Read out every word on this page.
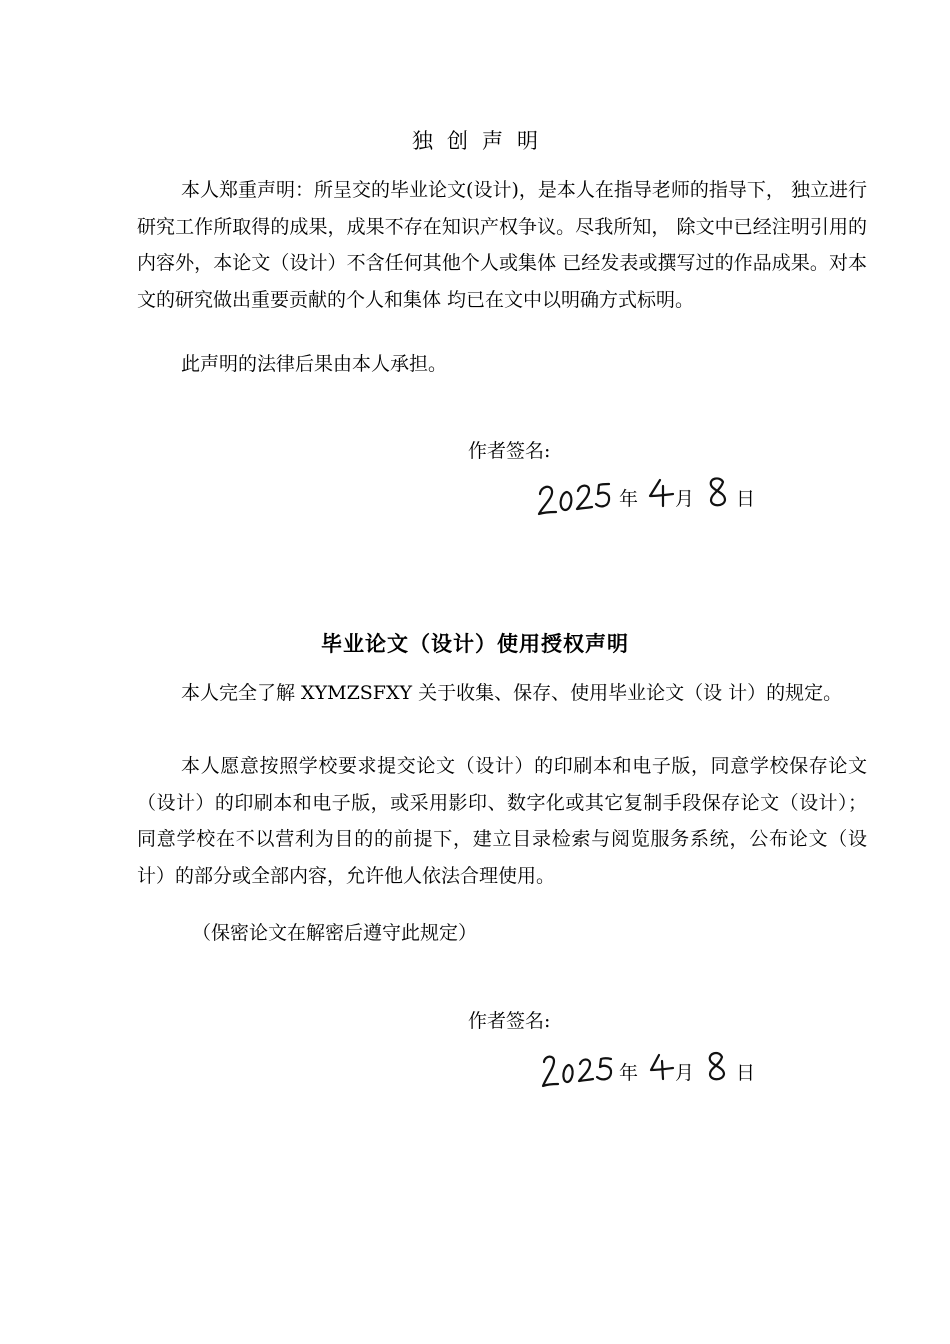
独创声明

本人郑重声明：所呈交的毕业论文(设计)，是本人在指导老师的指导下， 独立进行研究工作所取得的成果，成果不存在知识产权争议。尽我所知， 除文中已经注明引用的内容外，本论文（设计）不含任何其他个人或集体 已经发表或撰写过的作品成果。对本文的研究做出重要贡献的个人和集体 均已在文中以明确方式标明。

此声明的法律后果由本人承担。

作者签名:
年 月 日
毕业论文（设计）使用授权声明

本人完全了解 XYMZSFXY 关于收集、保存、使用毕业论文（设 计）的规定。

本人愿意按照学校要求提交论文（设计）的印刷本和电子版，同意学校保存论文（设计）的印刷本和电子版，或采用影印、数字化或其它复制手段保存论文（设计）；同意学校在不以营利为目的的前提下，建立目录检索与阅览服务系统，公布论文（设计）的部分或全部内容，允许他人依法合理使用。

（保密论文在解密后遵守此规定）

作者签名:
年 月 日
